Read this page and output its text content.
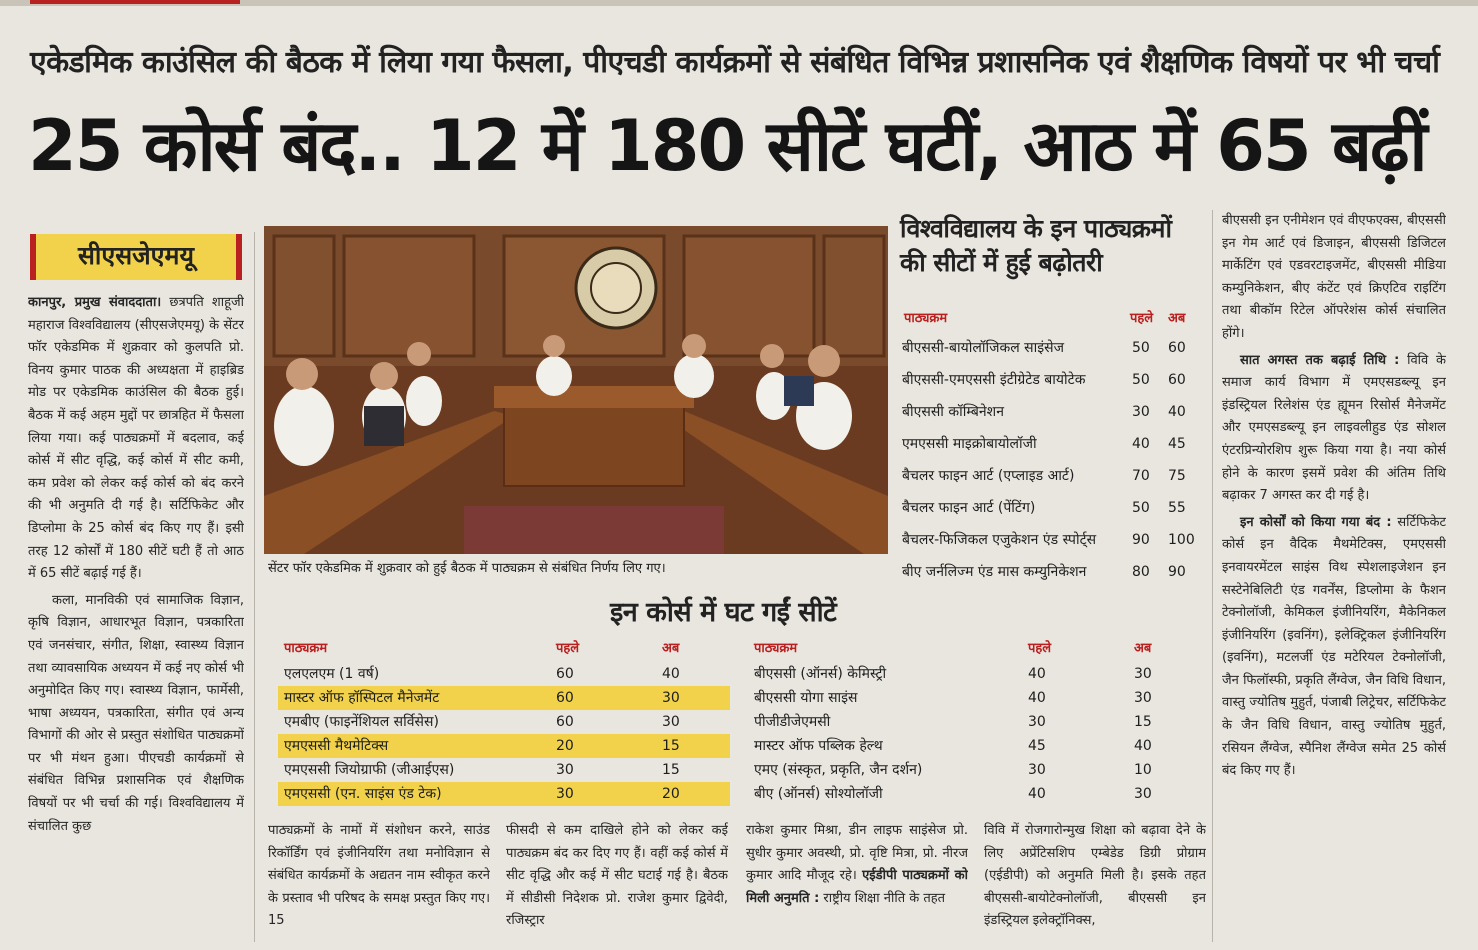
एकेडमिक काउंसिल की बैठक में लिया गया फैसला, पीएचडी कार्यक्रमों से संबंधित विभिन्न प्रशासनिक एवं शैक्षणिक विषयों पर भी चर्चा
25 कोर्स बंद.. 12 में 180 सीटें घटीं, आठ में 65 बढ़ीं
सीएसजेएमयू

कानपुर, प्रमुख संवाददाता। छत्रपति शाहूजी महाराज विश्वविद्यालय (सीएसजेएमयू) के सेंटर फॉर एकेडमिक में शुक्रवार को कुलपति प्रो. विनय कुमार पाठक की अध्यक्षता में हाइब्रिड मोड पर एकेडमिक काउंसिल की बैठक हुई। बैठक में कई अहम मुद्दों पर छात्रहित में फैसला लिया गया। कई पाठ्यक्रमों में बदलाव, कई कोर्स में सीट वृद्धि, कई कोर्स में सीट कमी, कम प्रवेश को लेकर कई कोर्स को बंद करने की भी अनुमति दी गई है। सर्टिफिकेट और डिप्लोमा के 25 कोर्स बंद किए गए हैं। इसी तरह 12 कोर्सों में 180 सीटें घटी हैं तो आठ में 65 सीटें बढ़ाई गई हैं।

कला, मानविकी एवं सामाजिक विज्ञान, कृषि विज्ञान, आधारभूत विज्ञान, पत्रकारिता एवं जनसंचार, संगीत, शिक्षा, स्वास्थ्य विज्ञान तथा व्यावसायिक अध्ययन में कई नए कोर्स भी अनुमोदित किए गए। स्वास्थ्य विज्ञान, फार्मेसी, भाषा अध्ययन, पत्रकारिता, संगीत एवं अन्य विभागों की ओर से प्रस्तुत संशोधित पाठ्यक्रमों पर भी मंथन हुआ। पीएचडी कार्यक्रमों से संबंधित विभिन्न प्रशासनिक एवं शैक्षणिक विषयों पर भी चर्चा की गई। विश्वविद्यालय में संचालित कुछ

सेंटर फॉर एकेडमिक में शुक्रवार को हुई बैठक में पाठ्यक्रम से संबंधित निर्णय लिए गए।
विश्वविद्यालय के इन पाठ्यक्रमों
की सीटों में हुई बढ़ोतरी
पाठ्यक्रम	पहले अब
बीएससी-बायोलॉजिकल साइंसेज	50 60
बीएससी-एमएससी इंटीग्रेटेड बायोटेक	50 60
बीएससी कॉम्बिनेशन	30 40
एमएससी माइक्रोबायोलॉजी	40 45
बैचलर फाइन आर्ट (एप्लाइड आर्ट)	70 75
बैचलर फाइन आर्ट (पेंटिंग)	50 55
बैचलर-फिजिकल एजुकेशन एंड स्पोर्ट्स	90 100
बीए जर्नलिज्म एंड मास कम्युनिकेशन	80 90
इन कोर्स में घट गईं सीटें
पाठ्यक्रम	पहले	अब
एलएलएम (1 वर्ष)	60	40
मास्टर ऑफ हॉस्पिटल मैनेजमेंट	60	30
एमबीए (फाइनेंशियल सर्विसेस)	60	30
एमएससी मैथमेटिक्स	20	15
एमएससी जियोग्राफी (जीआईएस)	30	15
एमएससी (एन. साइंस एंड टेक)	30	20
पाठ्यक्रम	पहले	अब
बीएससी (ऑनर्स) केमिस्ट्री	40	30
बीएससी योगा साइंस	40	30
पीजीडीजेएमसी	30	15
मास्टर ऑफ पब्लिक हेल्थ	45	40
एमए (संस्कृत, प्रकृति, जैन दर्शन)	30	10
बीए (ऑनर्स) सोश्योलॉजी	40	30
पाठ्यक्रमों के नामों में संशोधन करने, साउंड रिकॉर्डिंग एवं इंजीनियरिंग तथा मनोविज्ञान से संबंधित कार्यक्रमों के अद्यतन नाम स्वीकृत करने के प्रस्ताव भी परिषद के समक्ष प्रस्तुत किए गए। 15
फीसदी से कम दाखिले होने को लेकर कई पाठ्यक्रम बंद कर दिए गए हैं। वहीं कई कोर्स में सीट वृद्धि और कई में सीट घटाई गई है। बैठक में सीडीसी निदेशक प्रो. राजेश कुमार द्विवेदी, रजिस्ट्रार
राकेश कुमार मिश्रा, डीन लाइफ साइंसेज प्रो. सुधीर कुमार अवस्थी, प्रो. वृष्टि मित्रा, प्रो. नीरज कुमार आदि मौजूद रहे। एईडीपी पाठ्यक्रमों को मिली अनुमति : राष्ट्रीय शिक्षा नीति के तहत
विवि में रोजगारोन्मुख शिक्षा को बढ़ावा देने के लिए अप्रेंटिसशिप एम्बेडेड डिग्री प्रोग्राम (एईडीपी) को अनुमति मिली है। इसके तहत बीएससी-बायोटेक्नोलॉजी, बीएससी इन इंडस्ट्रियल इलेक्ट्रॉनिक्स,

बीएससी इन एनीमेशन एवं वीएफएक्स, बीएससी इन गेम आर्ट एवं डिजाइन, बीएससी डिजिटल मार्केटिंग एवं एडवरटाइजमेंट, बीएससी मीडिया कम्युनिकेशन, बीए कंटेंट एवं क्रिएटिव राइटिंग तथा बीकॉम रिटेल ऑपरेशंस कोर्स संचालित होंगे।

सात अगस्त तक बढ़ाई तिथि : विवि के समाज कार्य विभाग में एमएसडब्ल्यू इन इंडस्ट्रियल रिलेशंस एंड ह्यूमन रिसोर्स मैनेजमेंट और एमएसडब्ल्यू इन लाइवलीहुड एंड सोशल एंटरप्रिन्योरशिप शुरू किया गया है। नया कोर्स होने के कारण इसमें प्रवेश की अंतिम तिथि बढ़ाकर 7 अगस्त कर दी गई है।

इन कोर्सों को किया गया बंद : सर्टिफिकेट कोर्स इन वैदिक मैथमेटिक्स, एमएससी इनवायरमेंटल साइंस विथ स्पेशलाइजेशन इन सस्टेनेबिलिटी एंड गवर्नेंस, डिप्लोमा के फैशन टेक्नोलॉजी, केमिकल इंजीनियरिंग, मैकेनिकल इंजीनियरिंग (इवनिंग), इलेक्ट्रिकल इंजीनियरिंग (इवनिंग), मटलर्जी एंड मटेरियल टेक्नोलॉजी, जैन फिलॉस्फी, प्रकृति लैंग्वेज, जैन विधि विधान, वास्तु ज्योतिष मुहुर्त, पंजाबी लिट्रेचर, सर्टिफिकेट के जैन विधि विधान, वास्तु ज्योतिष मुहुर्त, रसियन लैंग्वेज, स्पैनिश लैंग्वेज समेत 25 कोर्स बंद किए गए हैं।
